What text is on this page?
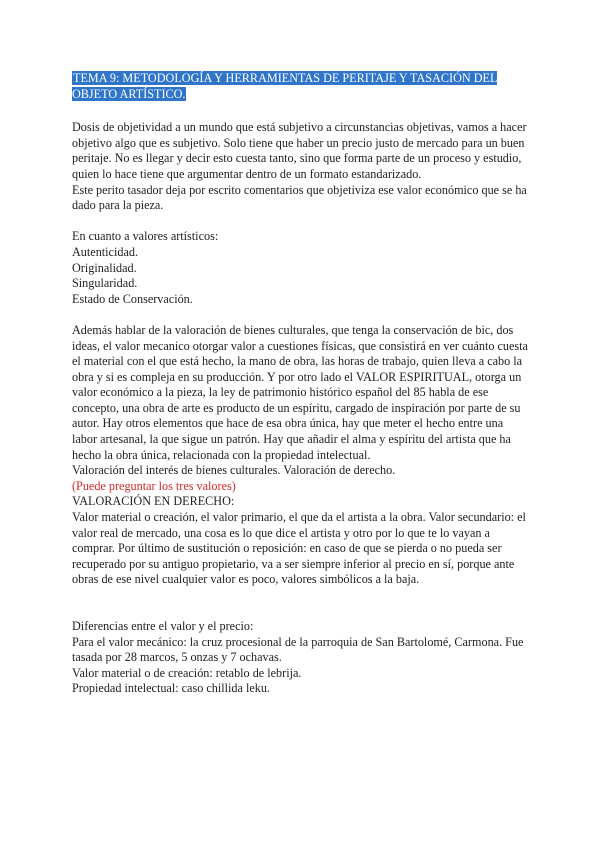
TEMA 9: METODOLOGÍA Y HERRAMIENTAS DE PERITAJE Y TASACIÓN DEL OBJETO ARTÍSTICO.

Dosis de objetividad a un mundo que está subjetivo a circunstancias objetivas, vamos a hacer objetivo algo que es subjetivo. Solo tiene que haber un precio justo de mercado para un buen peritaje. No es llegar y decir esto cuesta tanto, sino que forma parte de un proceso y estudio, quien lo hace tiene que argumentar dentro de un formato estandarizado.

Este perito tasador deja por escrito comentarios que objetiviza ese valor económico que se ha dado para la pieza.

En cuanto a valores artísticos:

Autenticidad.
Originalidad.
Singularidad.
Estado de Conservación.

Además hablar de la valoración de bienes culturales, que tenga la conservación de bic, dos ideas, el valor mecanico otorgar valor a cuestiones físicas, que consistirá en ver cuánto cuesta el material con el que está hecho, la mano de obra, las horas de trabajo, quien lleva a cabo la obra y si es compleja en su producción. Y por otro lado el VALOR ESPIRITUAL, otorga un valor económico a la pieza, la ley de patrimonio histórico español del 85 habla de ese concepto, una obra de arte es producto de un espíritu, cargado de inspiración por parte de su autor. Hay otros elementos que hace de esa obra única, hay que meter el hecho entre una labor artesanal, la que sigue un patrón. Hay que añadir el alma y espíritu del artista que ha hecho la obra única, relacionada con la propiedad intelectual.

Valoración del interés de bienes culturales. Valoración de derecho.

(Puede preguntar los tres valores)

VALORACIÓN EN DERECHO:

Valor material o creación, el valor primario, el que da el artista a la obra. Valor secundario: el valor real de mercado, una cosa es lo que dice el artista y otro por lo que te lo vayan a comprar. Por último de sustitución o reposición: en caso de que se pierda o no pueda ser recuperado por su antiguo propietario, va a ser siempre inferior al precio en sí, porque ante obras de ese nivel cualquier valor es poco, valores simbólicos a la baja.

Diferencias entre el valor y el precio:

Para el valor mecánico: la cruz procesional de la parroquia de San Bartolomé, Carmona. Fue tasada por 28 marcos, 5 onzas y 7 ochavas.
Valor material o de creación: retablo de lebrija.
Propiedad intelectual: caso chillida leku.
